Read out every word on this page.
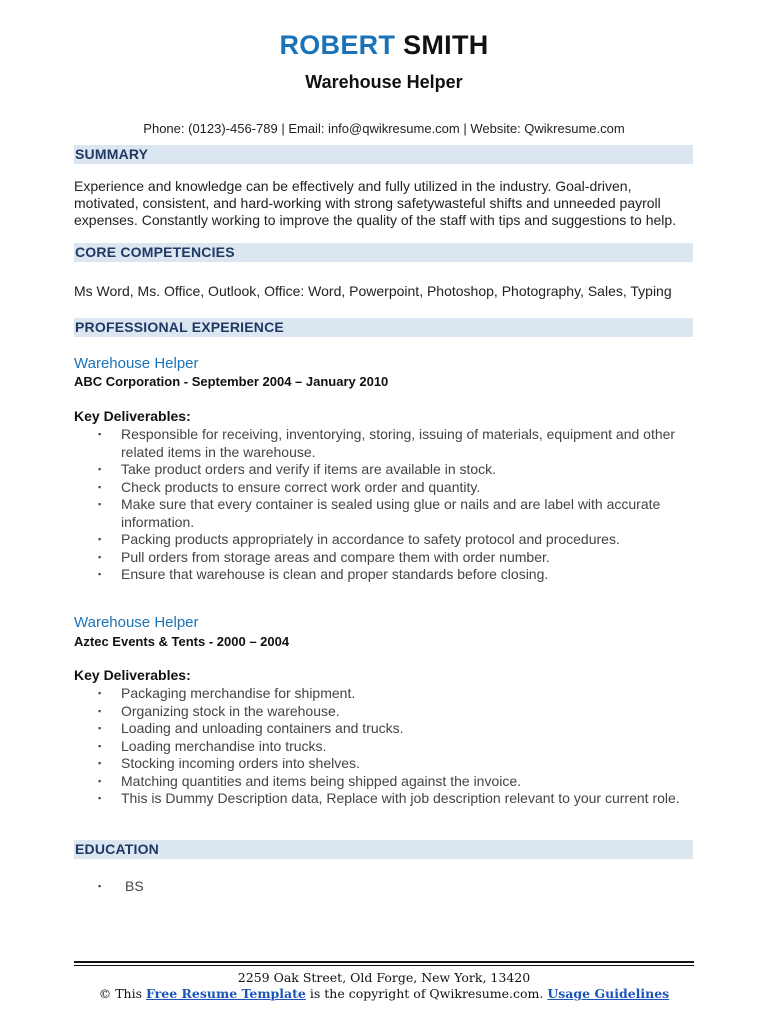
ROBERT SMITH
Warehouse Helper
Phone: (0123)-456-789 | Email: info@qwikresume.com | Website: Qwikresume.com
SUMMARY
Experience and knowledge can be effectively and fully utilized in the industry. Goal-driven, motivated, consistent, and hard-working with strong safetywasteful shifts and unneeded payroll expenses. Constantly working to improve the quality of the staff with tips and suggestions to help.
CORE COMPETENCIES
Ms Word, Ms. Office, Outlook, Office: Word, Powerpoint, Photoshop, Photography, Sales, Typing
PROFESSIONAL EXPERIENCE
Warehouse Helper
ABC Corporation - September 2004 – January 2010
Key Deliverables:
▪ Responsible for receiving, inventorying, storing, issuing of materials, equipment and other related items in the warehouse.
▪ Take product orders and verify if items are available in stock.
▪ Check products to ensure correct work order and quantity.
▪ Make sure that every container is sealed using glue or nails and are label with accurate information.
▪ Packing products appropriately in accordance to safety protocol and procedures.
▪ Pull orders from storage areas and compare them with order number.
▪ Ensure that warehouse is clean and proper standards before closing.
Warehouse Helper
Aztec Events & Tents - 2000 – 2004
Key Deliverables:
▪ Packaging merchandise for shipment.
▪ Organizing stock in the warehouse.
▪ Loading and unloading containers and trucks.
▪ Loading merchandise into trucks.
▪ Stocking incoming orders into shelves.
▪ Matching quantities and items being shipped against the invoice.
▪ This is Dummy Description data, Replace with job description relevant to your current role.
EDUCATION
▪ BS
2259 Oak Street, Old Forge, New York, 13420
© This Free Resume Template is the copyright of Qwikresume.com. Usage Guidelines
